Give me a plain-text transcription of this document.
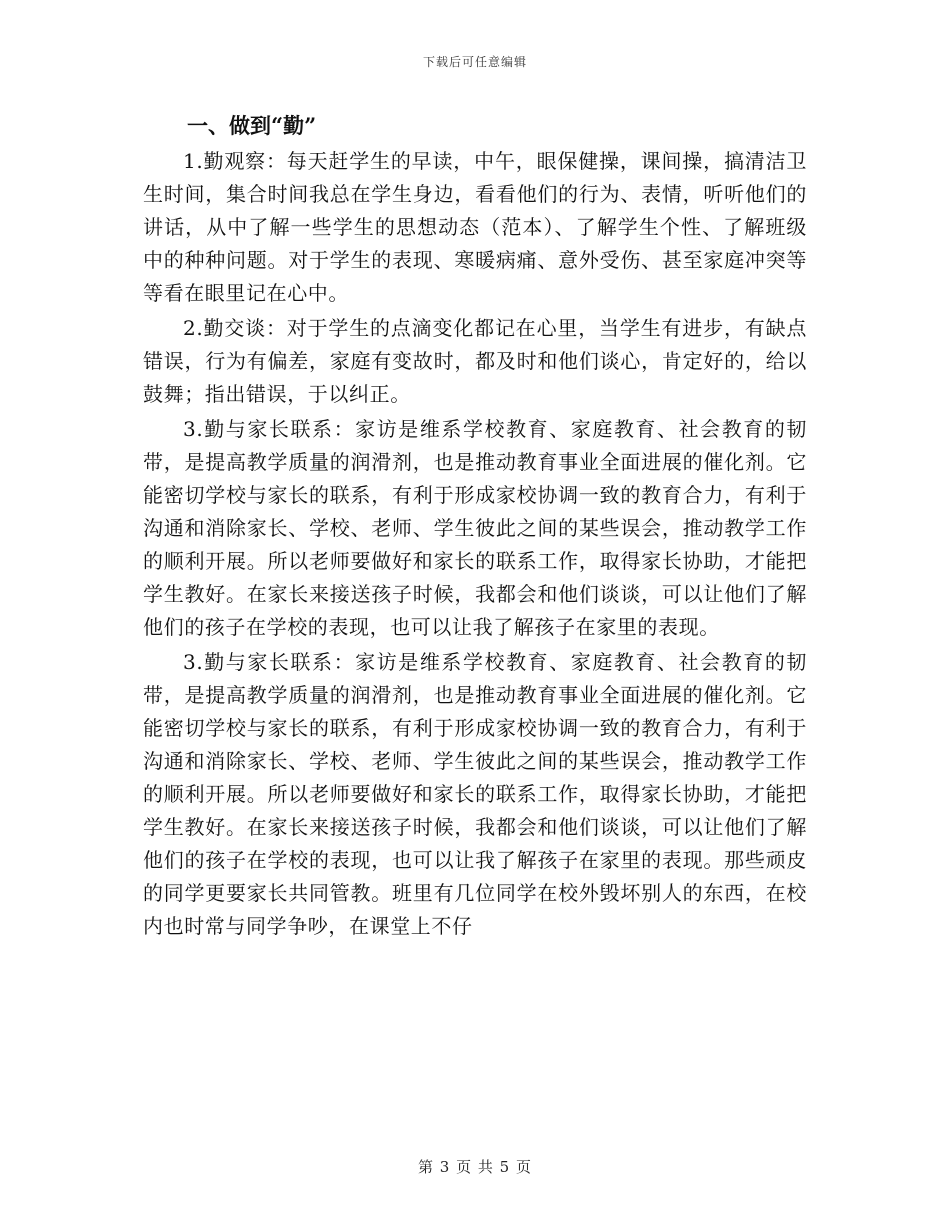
下载后可任意编辑
一、做到“勤”

1.勤观察：每天赶学生的早读，中午，眼保健操，课间操，搞清洁卫生时间，集合时间我总在学生身边，看看他们的行为、表情，听听他们的讲话，从中了解一些学生的思想动态（范本）、了解学生个性、了解班级中的种种问题。对于学生的表现、寒暖病痛、意外受伤、甚至家庭冲突等等看在眼里记在心中。

2.勤交谈：对于学生的点滴变化都记在心里，当学生有进步，有缺点错误，行为有偏差，家庭有变故时，都及时和他们谈心，肯定好的，给以鼓舞；指出错误，于以纠正。

3.勤与家长联系：家访是维系学校教育、家庭教育、社会教育的韧带，是提高教学质量的润滑剂，也是推动教育事业全面进展的催化剂。它能密切学校与家长的联系，有利于形成家校协调一致的教育合力，有利于沟通和消除家长、学校、老师、学生彼此之间的某些误会，推动教学工作的顺利开展。所以老师要做好和家长的联系工作，取得家长协助，才能把学生教好。在家长来接送孩子时候，我都会和他们谈谈，可以让他们了解他们的孩子在学校的表现，也可以让我了解孩子在家里的表现。

3.勤与家长联系：家访是维系学校教育、家庭教育、社会教育的韧带，是提高教学质量的润滑剂，也是推动教育事业全面进展的催化剂。它能密切学校与家长的联系，有利于形成家校协调一致的教育合力，有利于沟通和消除家长、学校、老师、学生彼此之间的某些误会，推动教学工作的顺利开展。所以老师要做好和家长的联系工作，取得家长协助，才能把学生教好。在家长来接送孩子时候，我都会和他们谈谈，可以让他们了解他们的孩子在学校的表现，也可以让我了解孩子在家里的表现。那些顽皮的同学更要家长共同管教。班里有几位同学在校外毁坏别人的东西，在校内也时常与同学争吵，在课堂上不仔

第 3 页 共 5 页
